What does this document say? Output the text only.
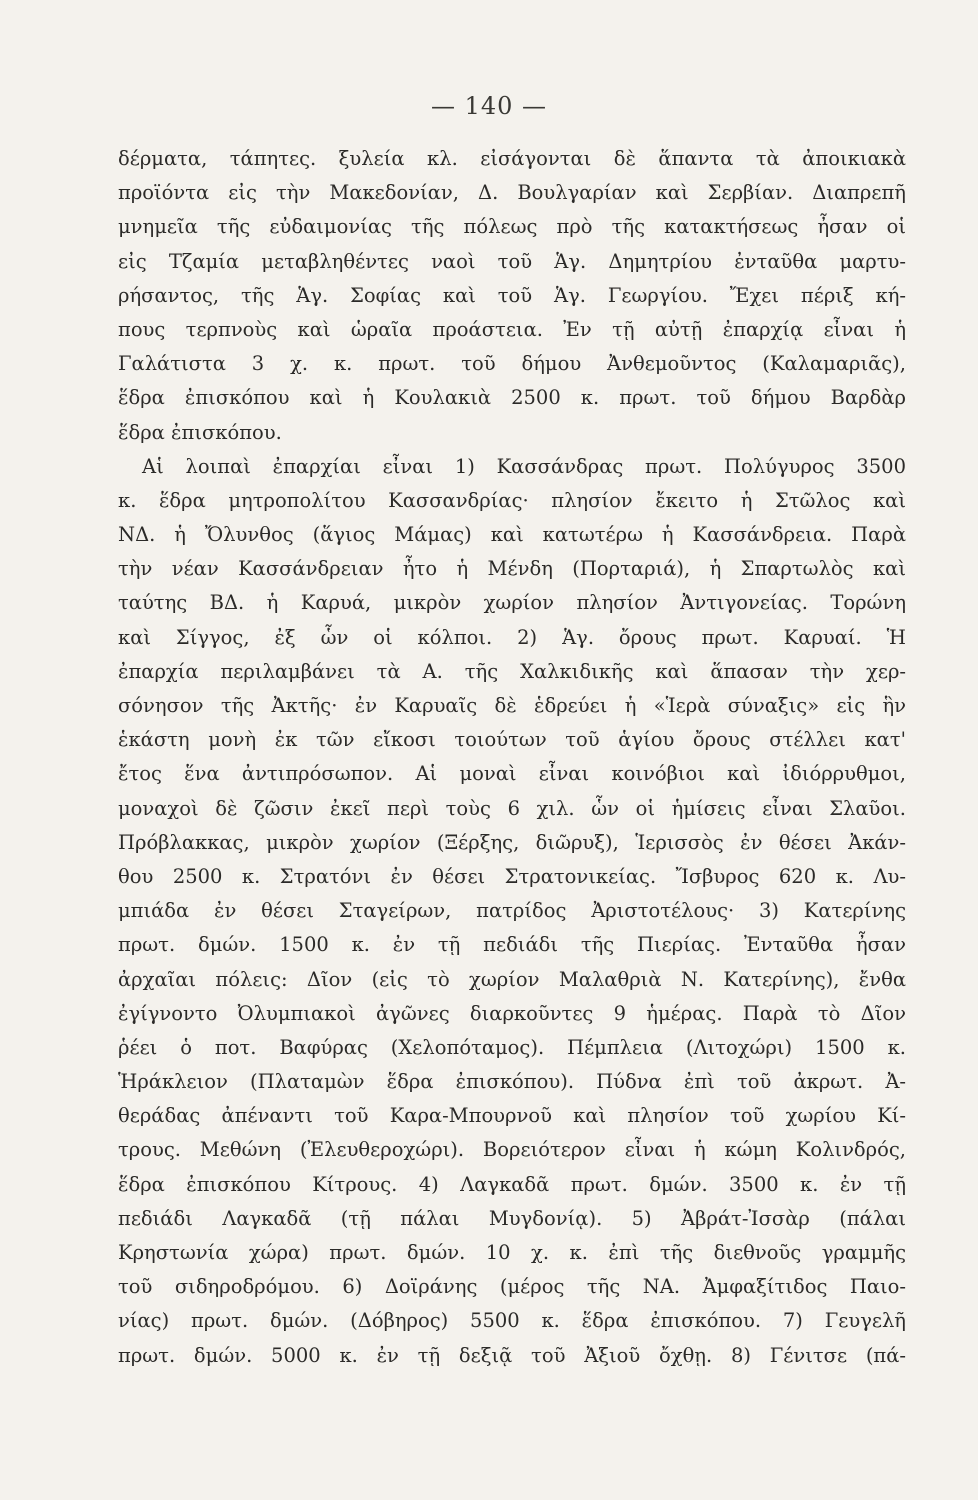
— 140 —
δέρματα, τάπητες. ξυλεία κλ. εἰσάγονται δὲ ἅπαντα τὰ ἀποικιακὰ
προϊόντα εἰς τὴν Μακεδονίαν, Δ. Βουλγαρίαν καὶ Σερβίαν. Διαπρεπῆ
μνημεῖα τῆς εὐδαιμονίας τῆς πόλεως πρὸ τῆς κατακτήσεως ἦσαν οἱ
εἰς Τζαμία μεταβληθέντες ναοὶ τοῦ Ἁγ. Δημητρίου ἐνταῦθα μαρτυ-
ρήσαντος, τῆς Ἁγ. Σοφίας καὶ τοῦ Ἁγ. Γεωργίου. Ἔχει πέριξ κή-
πους τερπνοὺς καὶ ὡραῖα προάστεια. Ἐν τῇ αὐτῇ ἐπαρχίᾳ εἶναι ἡ
Γαλάτιστα 3 χ. κ. πρωτ. τοῦ δήμου Ἀνθεμοῦντος (Καλαμαριᾶς),
ἕδρα ἐπισκόπου καὶ ἡ Κουλακιὰ 2500 κ. πρωτ. τοῦ δήμου Βαρδὰρ
ἕδρα ἐπισκόπου.
Αἱ λοιπαὶ ἐπαρχίαι εἶναι 1) Κασσάνδρας πρωτ. Πολύγυρος 3500
κ. ἕδρα μητροπολίτου Κασσανδρίας· πλησίον ἔκειτο ἡ Στῶλος καὶ
ΝΔ. ἡ Ὄλυνθος (ἅγιος Μάμας) καὶ κατωτέρω ἡ Κασσάνδρεια. Παρὰ
τὴν νέαν Κασσάνδρειαν ἦτο ἡ Μένδη (Πορταριά), ἡ Σπαρτωλὸς καὶ
ταύτης ΒΔ. ἡ Καρυά, μικρὸν χωρίον πλησίον Ἀντιγονείας. Τορώνη
καὶ Σίγγος, ἐξ ὧν οἱ κόλποι. 2) Ἁγ. ὄρους πρωτ. Καρυαί. Ἡ
ἐπαρχία περιλαμβάνει τὰ Α. τῆς Χαλκιδικῆς καὶ ἅπασαν τὴν χερ-
σόνησον τῆς Ἀκτῆς· ἐν Καρυαῖς δὲ ἑδρεύει ἡ «Ἱερὰ σύναξις» εἰς ἣν
ἑκάστη μονὴ ἐκ τῶν εἴκοσι τοιούτων τοῦ ἁγίου ὄρους στέλλει κατ'
ἔτος ἕνα ἀντιπρόσωπον. Αἱ μοναὶ εἶναι κοινόβιοι καὶ ἰδιόρρυθμοι,
μοναχοὶ δὲ ζῶσιν ἐκεῖ περὶ τοὺς 6 χιλ. ὧν οἱ ἡμίσεις εἶναι Σλαῦοι.
Πρόβλακκας, μικρὸν χωρίον (Ξέρξης, διῶρυξ), Ἱερισσὸς ἐν θέσει Ἀκάν-
θου 2500 κ. Στρατόνι ἐν θέσει Στρατονικείας. Ἴσβυρος 620 κ. Λυ-
μπιάδα ἐν θέσει Σταγείρων, πατρίδος Ἀριστοτέλους· 3) Κατερίνης
πρωτ. δμών. 1500 κ. ἐν τῇ πεδιάδι τῆς Πιερίας. Ἐνταῦθα ἦσαν
ἀρχαῖαι πόλεις: Δῖον (εἰς τὸ χωρίον Μαλαθριὰ Ν. Κατερίνης), ἔνθα
ἐγίγνοντο Ὀλυμπιακοὶ ἀγῶνες διαρκοῦντες 9 ἡμέρας. Παρὰ τὸ Δῖον
ῥέει ὁ ποτ. Βαφύρας (Χελοπόταμος). Πέμπλεια (Λιτοχώρι) 1500 κ.
Ἡράκλειον (Πλαταμὼν ἕδρα ἐπισκόπου). Πύδνα ἐπὶ τοῦ ἀκρωτ. Ἀ-
θεράδας ἀπέναντι τοῦ Καρα-Μπουρνοῦ καὶ πλησίον τοῦ χωρίου Κί-
τρους. Μεθώνη (Ἐλευθεροχώρι). Βορειότερον εἶναι ἡ κώμη Κολινδρός,
ἕδρα ἐπισκόπου Κίτρους. 4) Λαγκαδᾶ πρωτ. δμών. 3500 κ. ἐν τῇ
πεδιάδι Λαγκαδᾶ (τῇ πάλαι Μυγδονίᾳ). 5) Ἀβράτ-Ἰσσὰρ (πάλαι
Κρηστωνία χώρα) πρωτ. δμών. 10 χ. κ. ἐπὶ τῆς διεθνοῦς γραμμῆς
τοῦ σιδηροδρόμου. 6) Δοϊράνης (μέρος τῆς ΝΑ. Ἀμφαξίτιδος Παιο-
νίας) πρωτ. δμών. (Δόβηρος) 5500 κ. ἕδρα ἐπισκόπου. 7) Γευγελῆ
πρωτ. δμών. 5000 κ. ἐν τῇ δεξιᾷ τοῦ Ἀξιοῦ ὄχθῃ. 8) Γένιτσε (πά-
